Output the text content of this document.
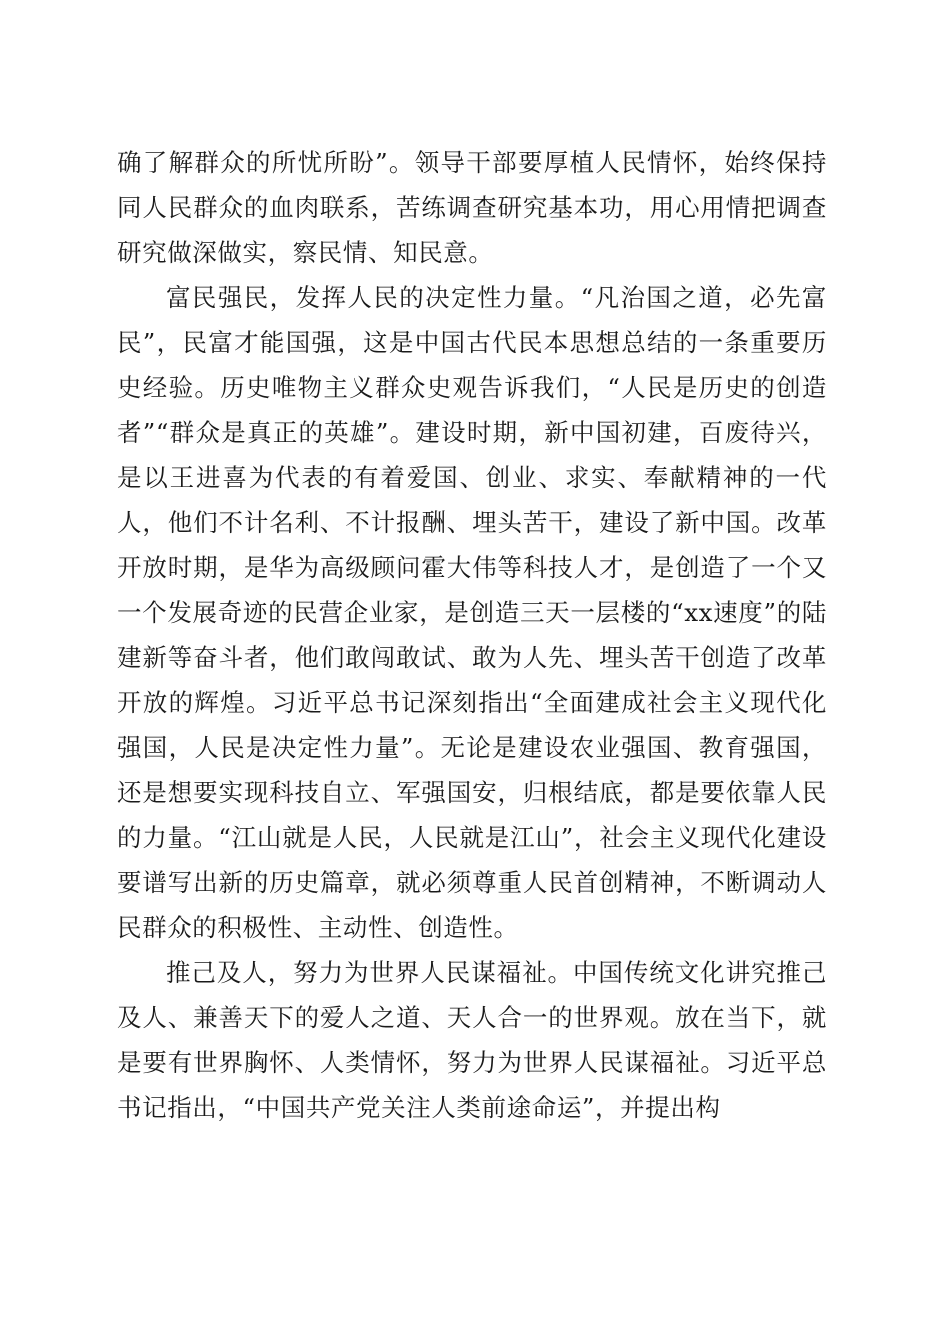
确了解群众的所忧所盼”。领导干部要厚植人民情怀，始终保持同人民群众的血肉联系，苦练调查研究基本功，用心用情把调查研究做深做实，察民情、知民意。

富民强民，发挥人民的决定性力量。“凡治国之道，必先富民”，民富才能国强，这是中国古代民本思想总结的一条重要历史经验。历史唯物主义群众史观告诉我们，“人民是历史的创造者”“群众是真正的英雄”。建设时期，新中国初建，百废待兴，是以王进喜为代表的有着爱国、创业、求实、奉献精神的一代人，他们不计名利、不计报酬、埋头苦干，建设了新中国。改革开放时期，是华为高级顾问霍大伟等科技人才，是创造了一个又一个发展奇迹的民营企业家，是创造三天一层楼的“xx速度”的陆建新等奋斗者，他们敢闯敢试、敢为人先、埋头苦干创造了改革开放的辉煌。习近平总书记深刻指出“全面建成社会主义现代化强国，人民是决定性力量”。无论是建设农业强国、教育强国，还是想要实现科技自立、军强国安，归根结底，都是要依靠人民的力量。“江山就是人民，人民就是江山”，社会主义现代化建设要谱写出新的历史篇章，就必须尊重人民首创精神，不断调动人民群众的积极性、主动性、创造性。

推己及人，努力为世界人民谋福祉。中国传统文化讲究推己及人、兼善天下的爱人之道、天人合一的世界观。放在当下，就是要有世界胸怀、人类情怀，努力为世界人民谋福祉。习近平总书记指出，“中国共产党关注人类前途命运”，并提出构
